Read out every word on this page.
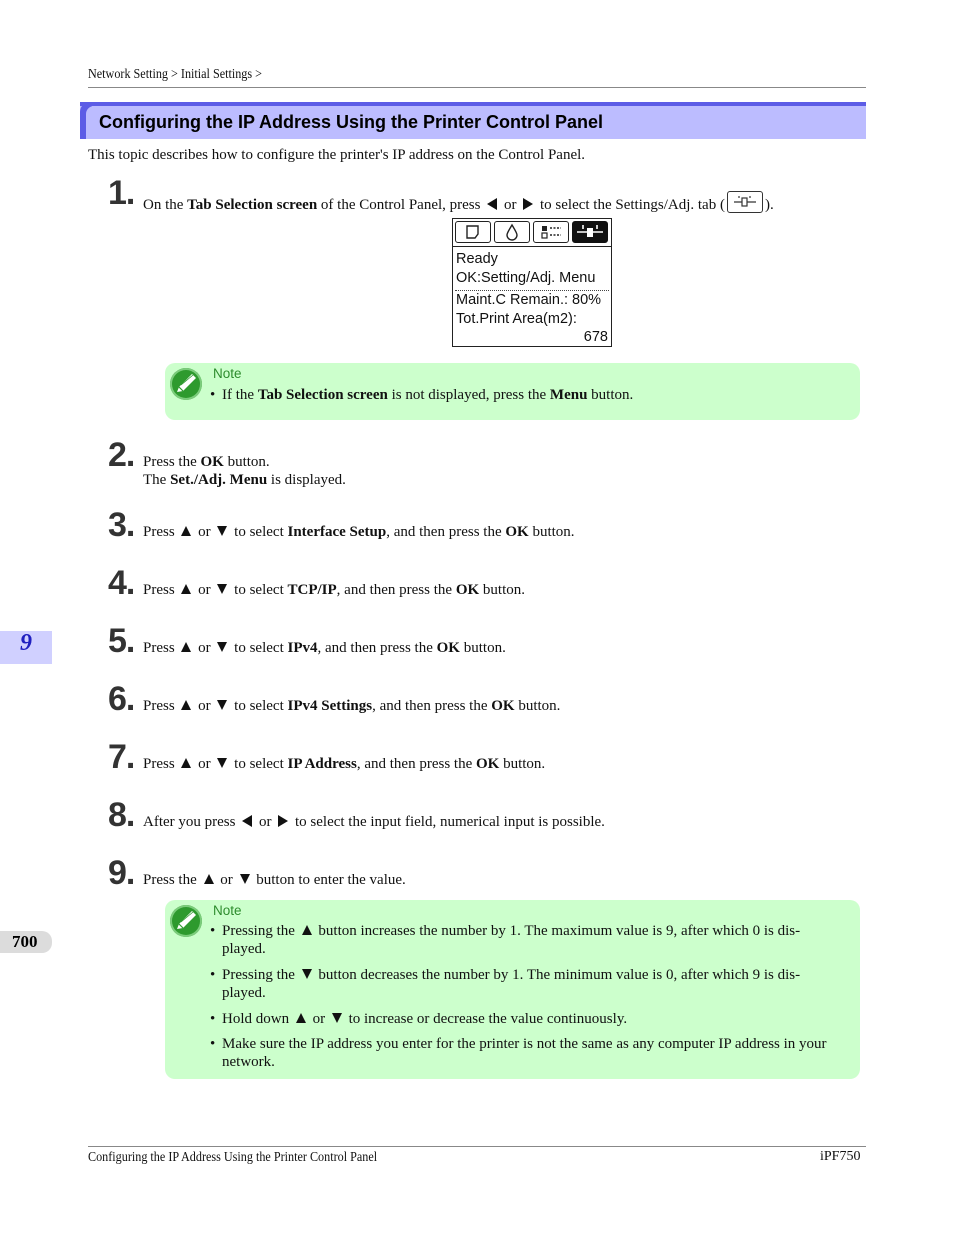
Network Setting > Initial Settings >
Configuring the IP Address Using the Printer Control Panel
This topic describes how to configure the printer's IP address on the Control Panel.
1. On the Tab Selection screen of the Control Panel, press  or  to select the Settings/Adj. tab (	).
Ready
OK:Setting/Adj. Menu
Maint.C Remain.: 80%
Tot.Print Area(m2):
678
Note
• If the Tab Selection screen is not displayed, press the Menu button.
2. Press the OK button.
The Set./Adj. Menu is displayed.
3. Press  or  to select Interface Setup, and then press the OK button.
4. Press  or  to select TCP/IP, and then press the OK button.
5. Press  or  to select IPv4, and then press the OK button.
6. Press  or  to select IPv4 Settings, and then press the OK button.
7. Press  or  to select IP Address, and then press the OK button.
8. After you press  or  to select the input field, numerical input is possible.
9. Press the  or  button to enter the value.
Note
• Pressing the  button increases the number by 1. The maximum value is 9, after which 0 is dis-
played.
• Pressing the  button decreases the number by 1. The minimum value is 0, after which 9 is dis-
played.
• Hold down  or  to increase or decrease the value continuously.
• Make sure the IP address you enter for the printer is not the same as any computer IP address in your
network.
9
700
Configuring the IP Address Using the Printer Control Panel	iPF750
